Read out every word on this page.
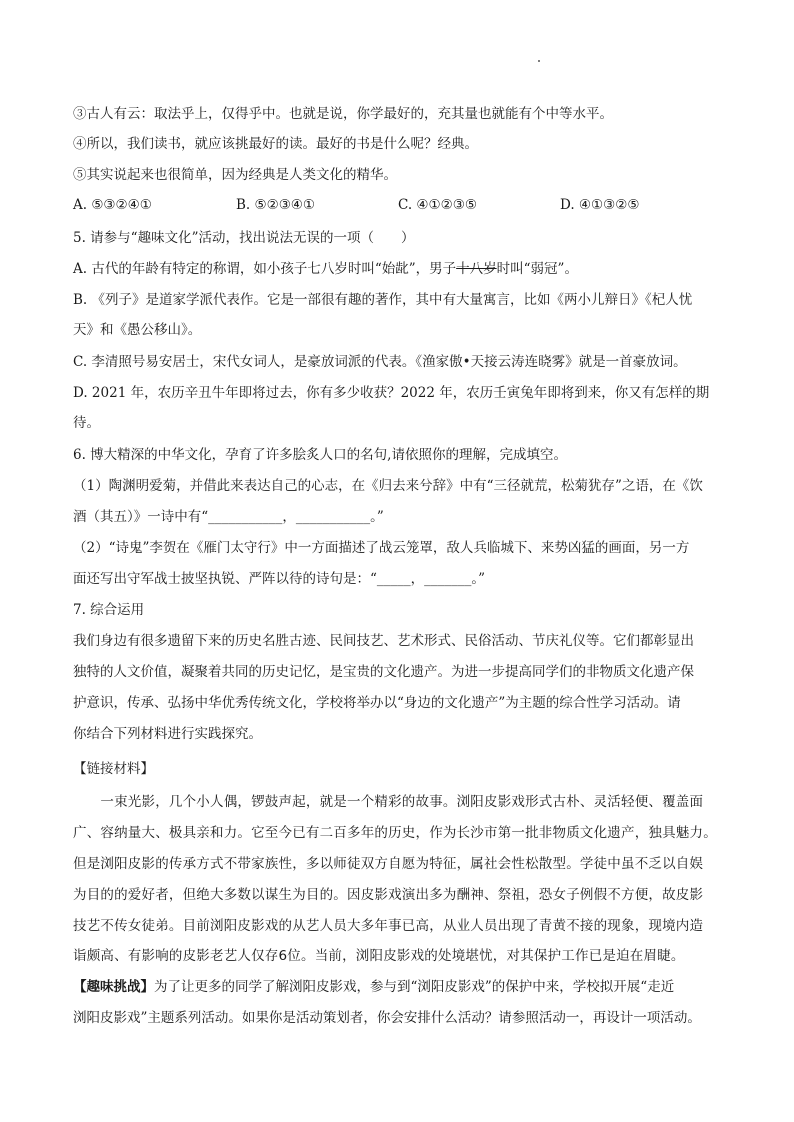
③古人有云：取法乎上，仅得乎中。也就是说，你学最好的，充其量也就能有个中等水平。
④所以，我们读书，就应该挑最好的读。最好的书是什么呢？经典。
⑤其实说起来也很简单，因为经典是人类文化的精华。
A. ⑤③②④①	B. ⑤②③④①	C. ④①②③⑤	D. ④①③②⑤
5. 请参与“趣味文化”活动，找出说法无误的一项（　　）
A. 古代的年龄有特定的称谓，如小孩子七八岁时叫“始龀”，男子十八岁时叫“弱冠”。
B. 《列子》是道家学派代表作。它是一部很有趣的著作，其中有大量寓言，比如《两小儿辩日》《杞人忧
天》和《愚公移山》。
C. 李清照号易安居士，宋代女词人，是豪放词派的代表。《渔家傲•天接云涛连晓雾》就是一首豪放词。
D. 2021 年，农历辛丑牛年即将过去，你有多少收获？2022 年，农历壬寅兔年即将到来，你又有怎样的期
待。
6. 博大精深的中华文化，孕育了许多脍炙人口的名句,请依照你的理解，完成填空。
（1）陶渊明爱菊，并借此来表达自己的心志，在《归去来兮辞》中有“三径就荒，松菊犹存”之语，在《饮
酒（其五）》一诗中有“___________，___________。”
（2）“诗鬼”李贺在《雁门太守行》中一方面描述了战云笼罩，敌人兵临城下、来势凶猛的画面，另一方
面还写出守军战士披坚执锐、严阵以待的诗句是：“_____，_______。”
7. 综合运用
我们身边有很多遗留下来的历史名胜古迹、民间技艺、艺术形式、民俗活动、节庆礼仪等。它们都彰显出
独特的人文价值，凝聚着共同的历史记忆，是宝贵的文化遗产。为进一步提高同学们的非物质文化遗产保
护意识，传承、弘扬中华优秀传统文化，学校将举办以“身边的文化遗产”为主题的综合性学习活动。请
你结合下列材料进行实践探究。
【链接材料】
　　一束光影，几个小人偶，锣鼓声起，就是一个精彩的故事。浏阳皮影戏形式古朴、灵活轻便、覆盖面
广、容纳量大、极具亲和力。它至今已有二百多年的历史，作为长沙市第一批非物质文化遗产，独具魅力。
但是浏阳皮影的传承方式不带家族性，多以师徒双方自愿为特征，属社会性松散型。学徒中虽不乏以自娱
为目的的爱好者，但绝大多数以谋生为目的。因皮影戏演出多为酬神、祭祖，恐女子例假不方便，故皮影
技艺不传女徒弟。目前浏阳皮影戏的从艺人员大多年事已高，从业人员出现了青黄不接的现象，现境内造
诣颇高、有影响的皮影老艺人仅存6位。当前，浏阳皮影戏的处境堪忧，对其保护工作已是迫在眉睫。
【趣味挑战】为了让更多的同学了解浏阳皮影戏，参与到“浏阳皮影戏”的保护中来，学校拟开展“走近
浏阳皮影戏”主题系列活动。如果你是活动策划者，你会安排什么活动？请参照活动一，再设计一项活动。
